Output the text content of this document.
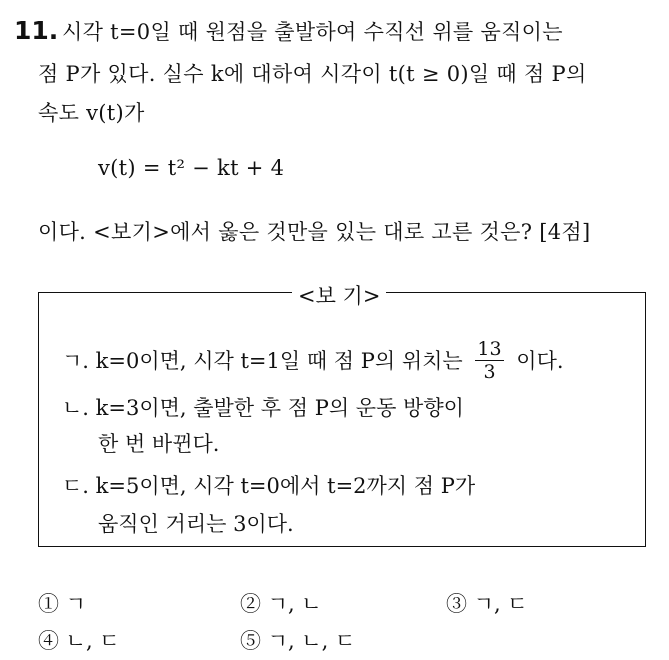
11. 시각 t=0일 때 원점을 출발하여 수직선 위를 움직이는
점 P가 있다. 실수 k에 대하여 시각이 t(t ≥ 0)일 때 점 P의
속도 v(t)가
v(t) = t² − kt + 4
이다. <보기>에서 옳은 것만을 있는 대로 고른 것은? [4점]
<보 기>
ㄱ. k=0이면, 시각 t=1일 때 점 P의 위치는 $\frac{13}{3}$ 이다.
ㄴ. k=3이면, 출발한 후 점 P의 운동 방향이
한 번 바뀐다.
ㄷ. k=5이면, 시각 t=0에서 t=2까지 점 P가
움직인 거리는 3이다.
① ㄱ	② ㄱ, ㄴ	③ ㄱ, ㄷ
④ ㄴ, ㄷ	⑤ ㄱ, ㄴ, ㄷ
